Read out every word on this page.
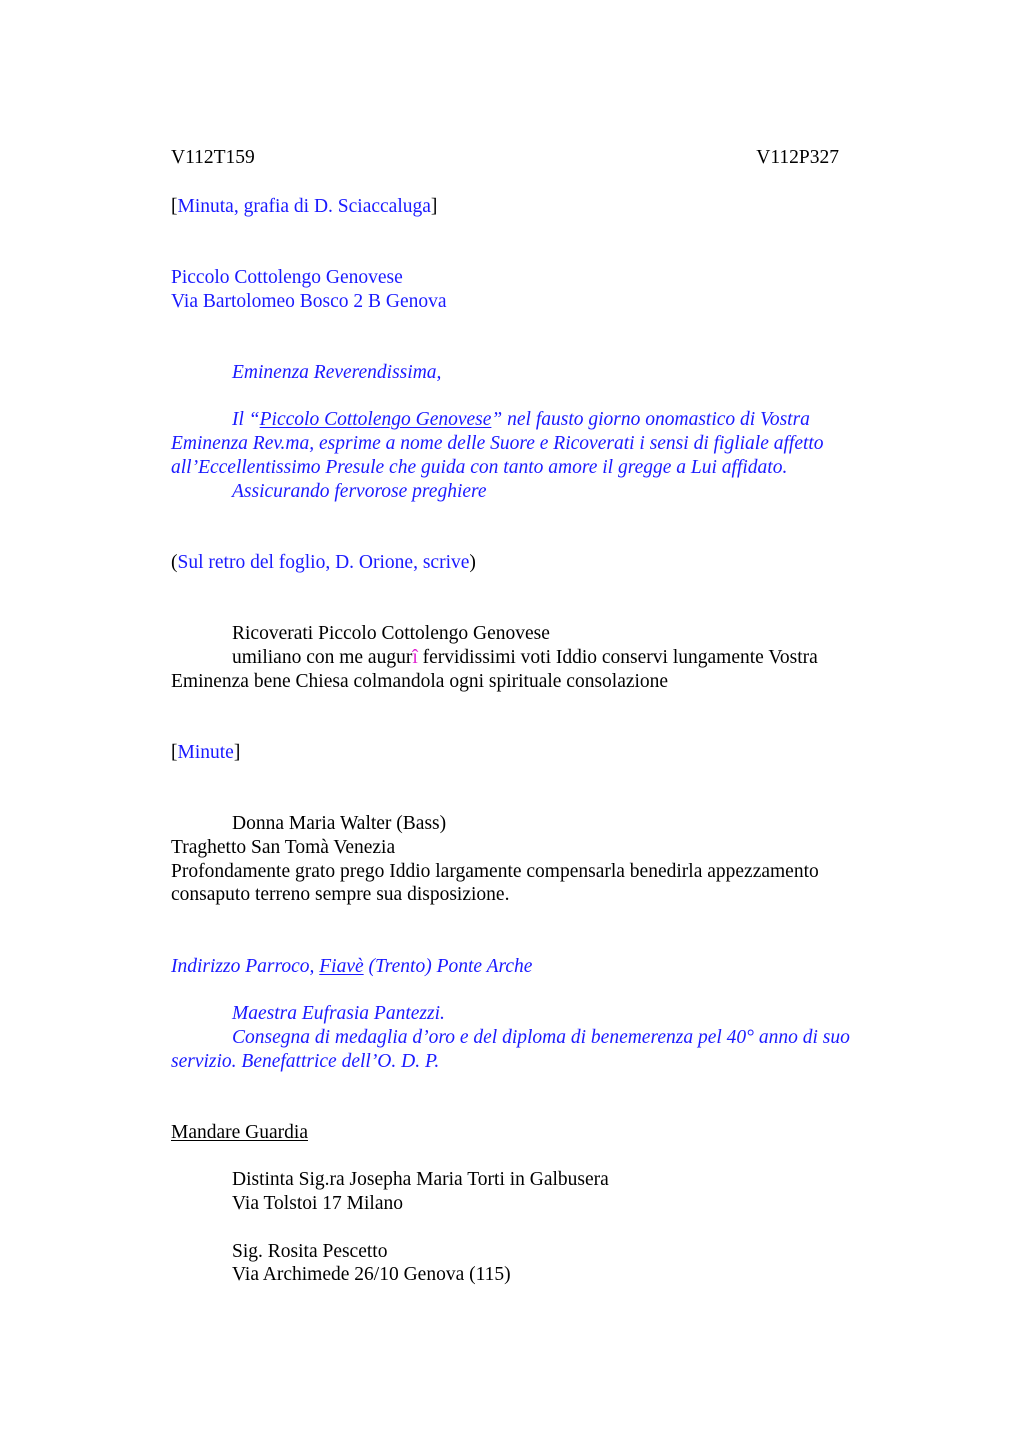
V112T159	V112P327
[Minuta, grafia di D. Sciaccaluga]
Piccolo Cottolengo Genovese
Via Bartolomeo Bosco 2 B Genova
Eminenza Reverendissima,
Il “Piccolo Cottolengo Genovese” nel fausto giorno onomastico di Vostra
Eminenza Rev.ma, esprime a nome delle Suore e Ricoverati i sensi di figliale affetto
all’Eccellentissimo Presule che guida con tanto amore il gregge a Lui affidato.
Assicurando fervorose preghiere
(Sul retro del foglio, D. Orione, scrive)
Ricoverati Piccolo Cottolengo Genovese
umiliano con me augurî fervidissimi voti Iddio conservi lungamente Vostra
Eminenza bene Chiesa colmandola ogni spirituale consolazione
[Minute]
Donna Maria Walter (Bass)
Traghetto San Tomà Venezia
Profondamente grato prego Iddio largamente compensarla benedirla appezzamento
consaputo terreno sempre sua disposizione.
Indirizzo Parroco, Fiavè (Trento) Ponte Arche
Maestra Eufrasia Pantezzi.
Consegna di medaglia d’oro e del diploma di benemerenza pel 40° anno di suo
servizio. Benefattrice dell’O. D. P.
Mandare Guardia
Distinta Sig.ra Josepha Maria Torti in Galbusera
Via Tolstoi 17 Milano
Sig. Rosita Pescetto
Via Archimede 26/10 Genova (115)
